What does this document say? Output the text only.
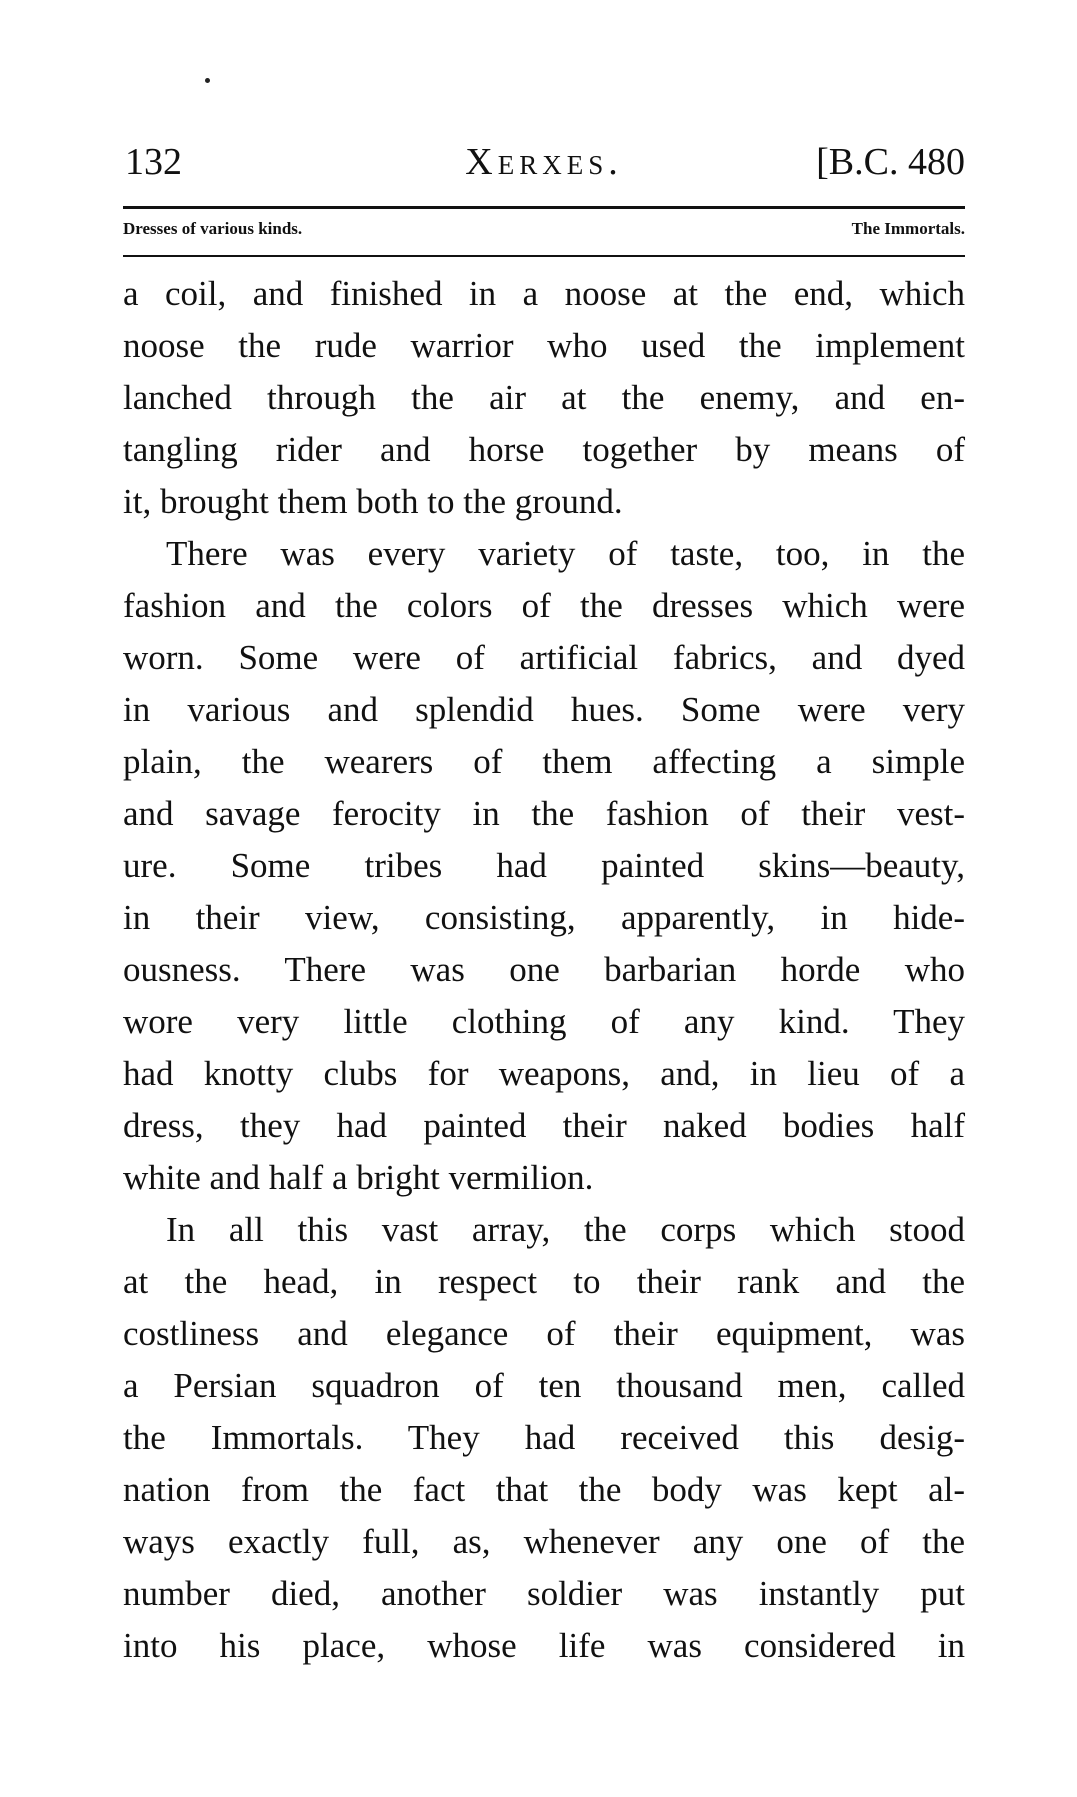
132	Xerxes.	[B.C. 480
Dresses of various kinds.	The Immortals.
a coil, and finished in a noose at the end, which
noose the rude warrior who used the implement
lanched through the air at the enemy, and en-
tangling rider and horse together by means of
it, brought them both to the ground.
There was every variety of taste, too, in the
fashion and the colors of the dresses which were
worn. Some were of artificial fabrics, and dyed
in various and splendid hues. Some were very
plain, the wearers of them affecting a simple
and savage ferocity in the fashion of their vest-
ure. Some tribes had painted skins—beauty,
in their view, consisting, apparently, in hide-
ousness. There was one barbarian horde who
wore very little clothing of any kind. They
had knotty clubs for weapons, and, in lieu of a
dress, they had painted their naked bodies half
white and half a bright vermilion.
In all this vast array, the corps which stood
at the head, in respect to their rank and the
costliness and elegance of their equipment, was
a Persian squadron of ten thousand men, called
the Immortals. They had received this desig-
nation from the fact that the body was kept al-
ways exactly full, as, whenever any one of the
number died, another soldier was instantly put
into his place, whose life was considered in
